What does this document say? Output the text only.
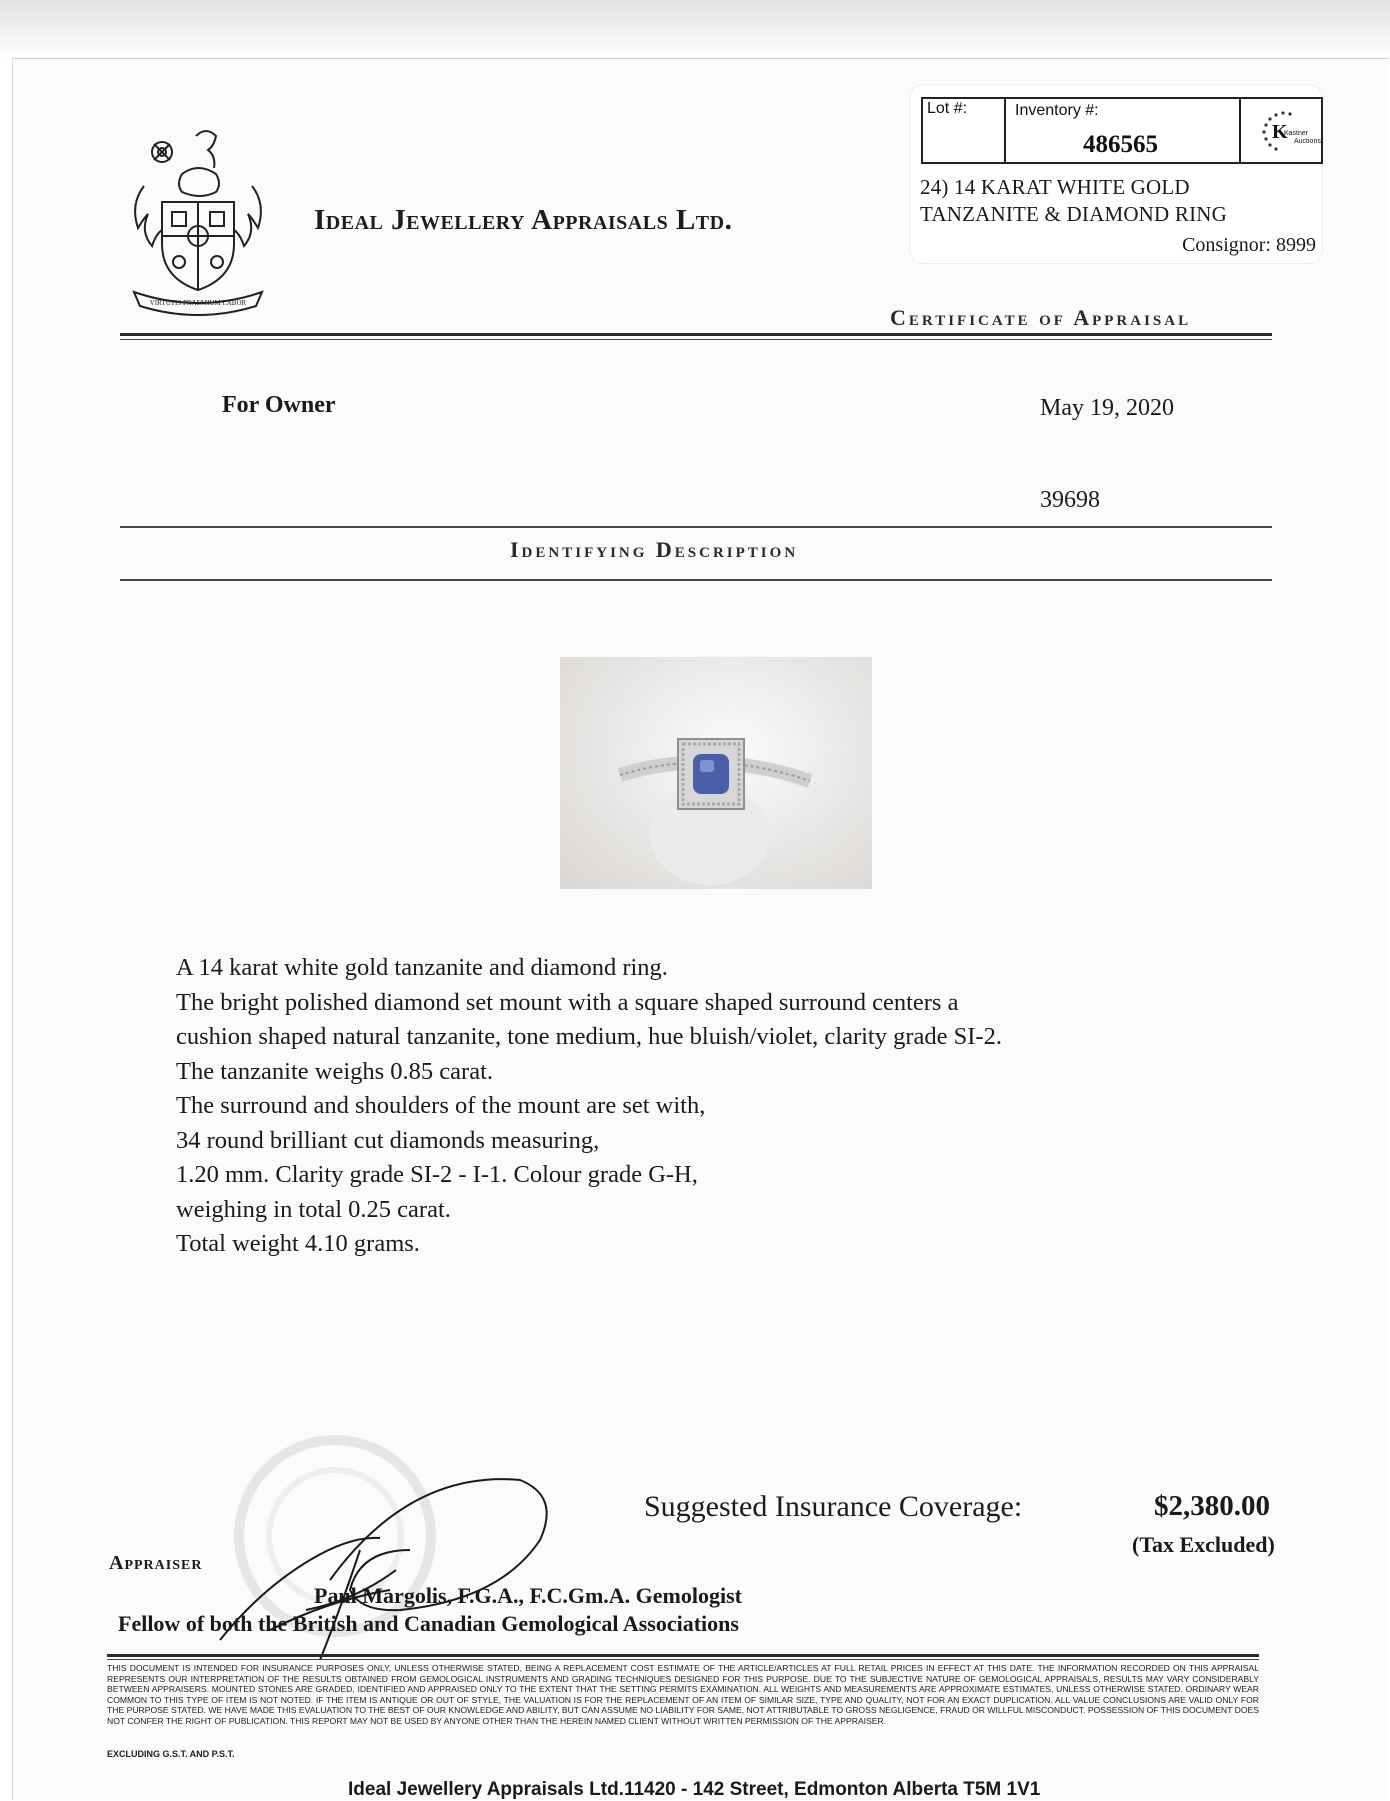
VIRTUTIS PRAEMIUM LABOR
Ideal Jewellery Appraisals Ltd.
Lot #:	Inventory #:
486565	K
Kastner
Auctions
24) 14 KARAT WHITE GOLD
TANZANITE & DIAMOND RING
Consignor: 8999
Certificate of Appraisal
For Owner	May 19, 2020
39698
Identifying Description
A 14 karat white gold tanzanite and diamond ring.
The bright polished diamond set mount with a square shaped surround centers a
cushion shaped natural tanzanite, tone medium, hue bluish/violet, clarity grade SI-2.
The tanzanite weighs 0.85 carat.
The surround and shoulders of the mount are set with,
34 round brilliant cut diamonds measuring,
1.20 mm. Clarity grade SI-2 - I-1. Colour grade G-H,
weighing in total 0.25 carat.
Total weight 4.10 grams.
Suggested Insurance Coverage:	$2,380.00
(Tax Excluded)
Appraiser
Paul Margolis, F.G.A., F.C.Gm.A. Gemologist
Fellow of both the British and Canadian Gemological Associations
THIS DOCUMENT IS INTENDED FOR INSURANCE PURPOSES ONLY, UNLESS OTHERWISE STATED, BEING A REPLACEMENT COST ESTIMATE OF THE ARTICLE/ARTICLES AT FULL RETAIL PRICES IN EFFECT AT THIS DATE. THE INFORMATION RECORDED ON THIS APPRAISAL REPRESENTS OUR INTERPRETATION OF THE RESULTS OBTAINED FROM GEMOLOGICAL INSTRUMENTS AND GRADING TECHNIQUES DESIGNED FOR THIS PURPOSE. DUE TO THE SUBJECTIVE NATURE OF GEMOLOGICAL APPRAISALS, RESULTS MAY VARY CONSIDERABLY BETWEEN APPRAISERS. MOUNTED STONES ARE GRADED, IDENTIFIED AND APPRAISED ONLY TO THE EXTENT THAT THE SETTING PERMITS EXAMINATION. ALL WEIGHTS AND MEASUREMENTS ARE APPROXIMATE ESTIMATES, UNLESS OTHERWISE STATED. ORDINARY WEAR COMMON TO THIS TYPE OF ITEM IS NOT NOTED. IF THE ITEM IS ANTIQUE OR OUT OF STYLE, THE VALUATION IS FOR THE REPLACEMENT OF AN ITEM OF SIMILAR SIZE, TYPE AND QUALITY, NOT FOR AN EXACT DUPLICATION. ALL VALUE CONCLUSIONS ARE VALID ONLY FOR THE PURPOSE STATED. WE HAVE MADE THIS EVALUATION TO THE BEST OF OUR KNOWLEDGE AND ABILITY, BUT CAN ASSUME NO LIABILITY FOR SAME, NOT ATTRIBUTABLE TO GROSS NEGLIGENCE, FRAUD OR WILLFUL MISCONDUCT. POSSESSION OF THIS DOCUMENT DOES NOT CONFER THE RIGHT OF PUBLICATION. THIS REPORT MAY NOT BE USED BY ANYONE OTHER THAN THE HEREIN NAMED CLIENT WITHOUT WRITTEN PERMISSION OF THE APPRAISER.
EXCLUDING G.S.T. AND P.S.T.
Ideal Jewellery Appraisals Ltd.11420 - 142 Street, Edmonton Alberta T5M 1V1
